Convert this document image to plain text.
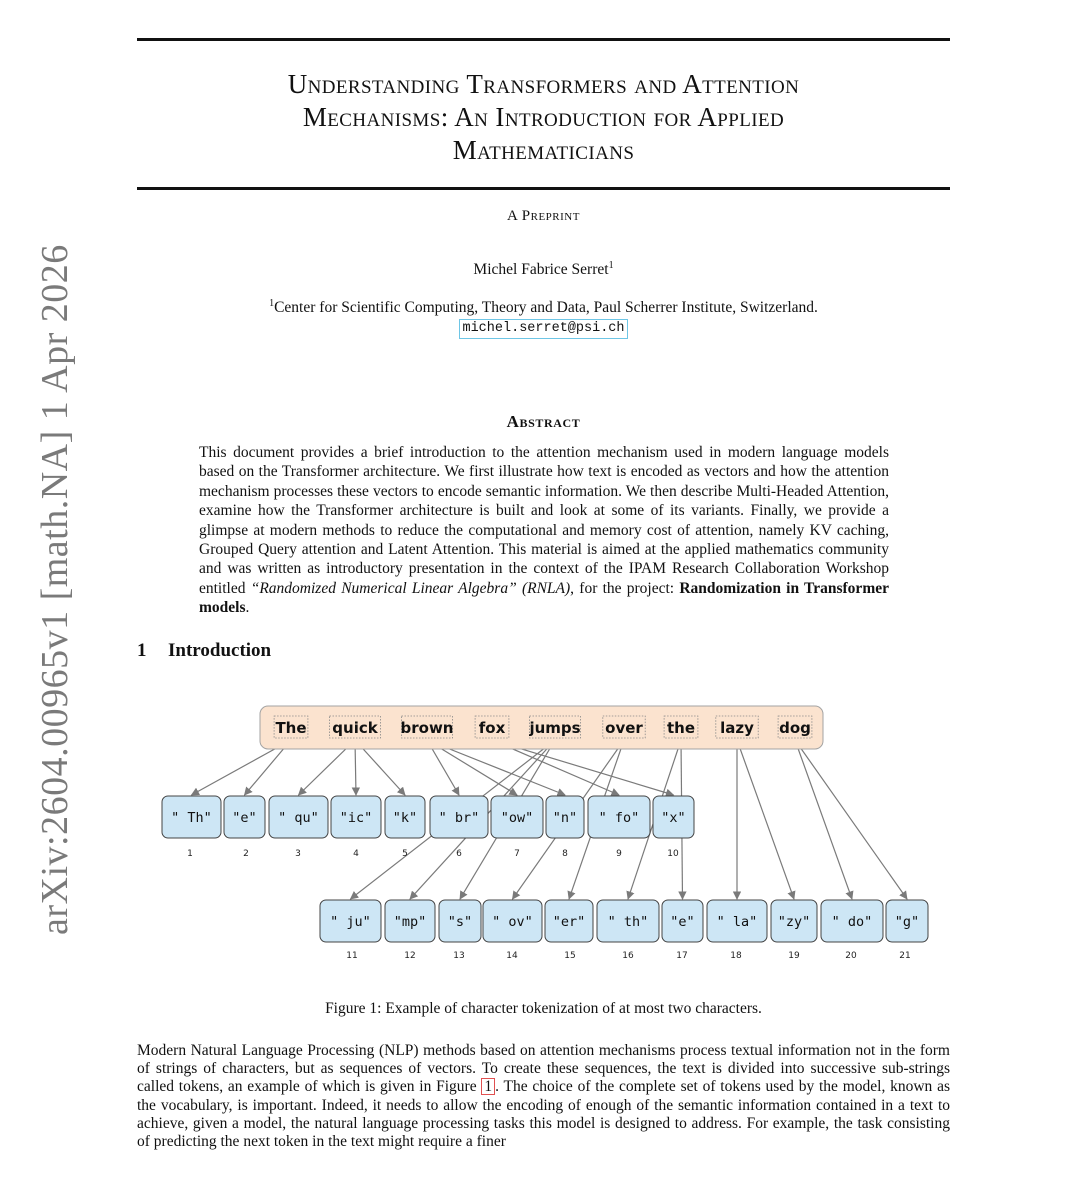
arXiv:2604.00965v1 [math.NA] 1 Apr 2026
Understanding Transformers and Attention
Mechanisms: An Introduction for Applied
Mathematicians
A Preprint
Michel Fabrice Serret$^1$
$^1$Center for Scientific Computing, Theory and Data, Paul Scherrer Institute, Switzerland.
michel.serret@psi.ch
Abstract
This document provides a brief introduction to the attention mechanism used in modern language models based on the Transformer architecture. We first illustrate how text is encoded as vectors and how the attention mechanism processes these vectors to encode semantic information. We then describe Multi-Headed Attention, examine how the Transformer architecture is built and look at some of its variants. Finally, we provide a glimpse at modern methods to reduce the computational and memory cost of attention, namely KV caching, Grouped Query attention and Latent Attention. This material is aimed at the applied mathematics community and was written as introductory presentation in the context of the IPAM Research Collaboration Workshop entitled “Randomized Numerical Linear Algebra” (RNLA), for the project: Randomization in Transformer models.
1 Introduction
The quick brown fox jumps over the lazy dog
" Th"
1
"e"
2
" qu"
3
"ic"
4
"k"
5
" br"
6
"ow"
7
"n"
8
" fo"
9
"x"
10
" ju"
11
"mp"
12
"s"
13
" ov"
14
"er"
15
" th"
16
"e"
17
" la"
18
"zy"
19
" do"
20
"g"
21
Figure 1: Example of character tokenization of at most two characters.
Modern Natural Language Processing (NLP) methods based on attention mechanisms process textual information not in the form of strings of characters, but as sequences of vectors. To create these sequences, the text is divided into successive sub-strings called tokens, an example of which is given in Figure 1 . The choice of the complete set of tokens used by the model, known as the vocabulary, is important. Indeed, it needs to allow the encoding of enough of the semantic information contained in a text to achieve, given a model, the natural language processing tasks this model is designed to address. For example, the task consisting of predicting the next token in the text might require a finer
